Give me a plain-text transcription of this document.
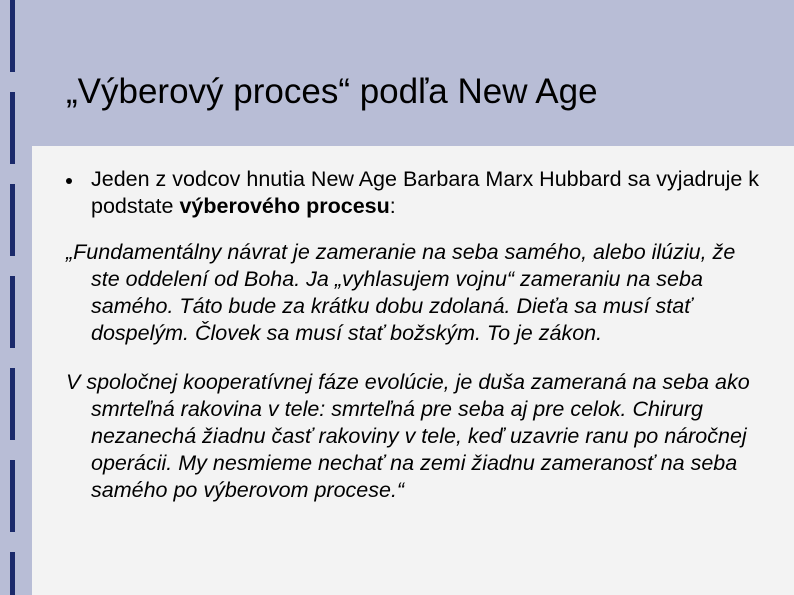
„Výberový proces“ podľa New Age
Jeden z vodcov hnutia New Age Barbara Marx Hubbard sa vyjadruje k podstate výberového procesu:
„Fundamentálny návrat je zameranie na seba samého, alebo ilúziu, že ste oddelení od Boha. Ja „vyhlasujem vojnu“ zameraniu na seba samého. Táto bude za krátku dobu zdolaná. Dieťa sa musí stať dospelým. Človek sa musí stať božským. To je zákon.
V spoločnej kooperatívnej fáze evolúcie, je duša zameraná na seba ako smrteľná rakovina v tele: smrteľná pre seba aj pre celok. Chirurg nezanechá žiadnu časť rakoviny v tele, keď uzavrie ranu po náročnej operácii. My nesmieme nechať na zemi žiadnu zameranosť na seba samého po výberovom procese.“
